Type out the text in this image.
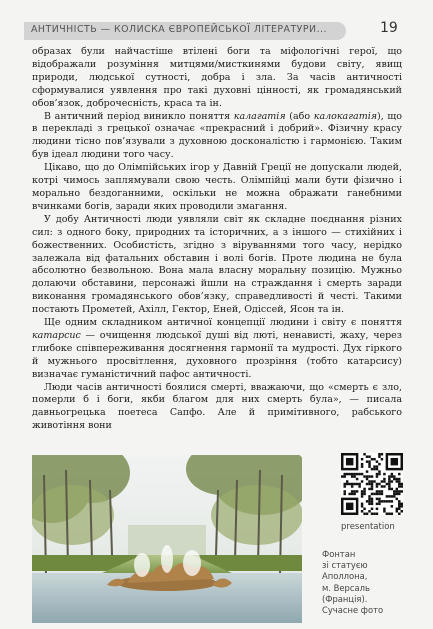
АНТИЧНІСТЬ — КОЛИСКА ЄВРОПЕЙСЬКОЇ ЛІТЕРАТУРИ...	19

образах були найчастіше втілені боги та міфологічні герої, що відображали розуміння митцями/мисткинями будови світу, явищ природи, людської сутності, добра і зла. За часів античності сформувалися уявлення про такі духовні цінності, як громадянський обов’язок, доброчесність, краса та ін.

В античний період виникло поняття калагатія (або калокагатія), що в перекладі з грецької означає «прекрасний і добрий». Фізичну красу людини тісно пов’язували з духовною досконалістю і гармонією. Таким був ідеал людини того часу.

Цікаво, що до Олімпійських ігор у Давній Греції не допускали людей, котрі чимось заплямували свою честь. Олімпійці мали бути фізично і морально бездоганними, оскільки не можна ображати ганебними вчинками богів, заради яких проводили змагання.

У добу Античності люди уявляли світ як складне поєднання різних сил: з одного боку, природних та історичних, а з іншого — стихійних і божественних. Особистість, згідно з віруваннями того часу, нерідко залежала від фатальних обставин і волі богів. Проте людина не була абсолютно безвольною. Вона мала власну моральну позицію. Мужньо долаючи обставини, персонажі йшли на страждання і смерть заради виконання громадянського обов’язку, справедливості й честі. Такими постають Прометей, Ахілл, Гектор, Еней, Одіссей, Ясон та ін.

Ще одним складником античної концепції людини і світу є поняття катарсис — очищення людської душі від люті, ненависті, жаху, через глибоке співпереживання досягнення гармонії та мудрості. Дух гіркого й мужнього просвітлення, духовного прозріння (тобто катарсису) визначає гуманістичний пафос античності.

Люди часів античності боялися смерті, вважаючи, що «смерть є зло, померли б і боги, якби благом для них смерть була», — писала давньогрецька поетеса Сапфо. Але й примітивного, рабського животіння вони

presentation
Фонтан
зі статуєю
Аполлона,
м. Версаль
(Франція).
Сучасне фото
